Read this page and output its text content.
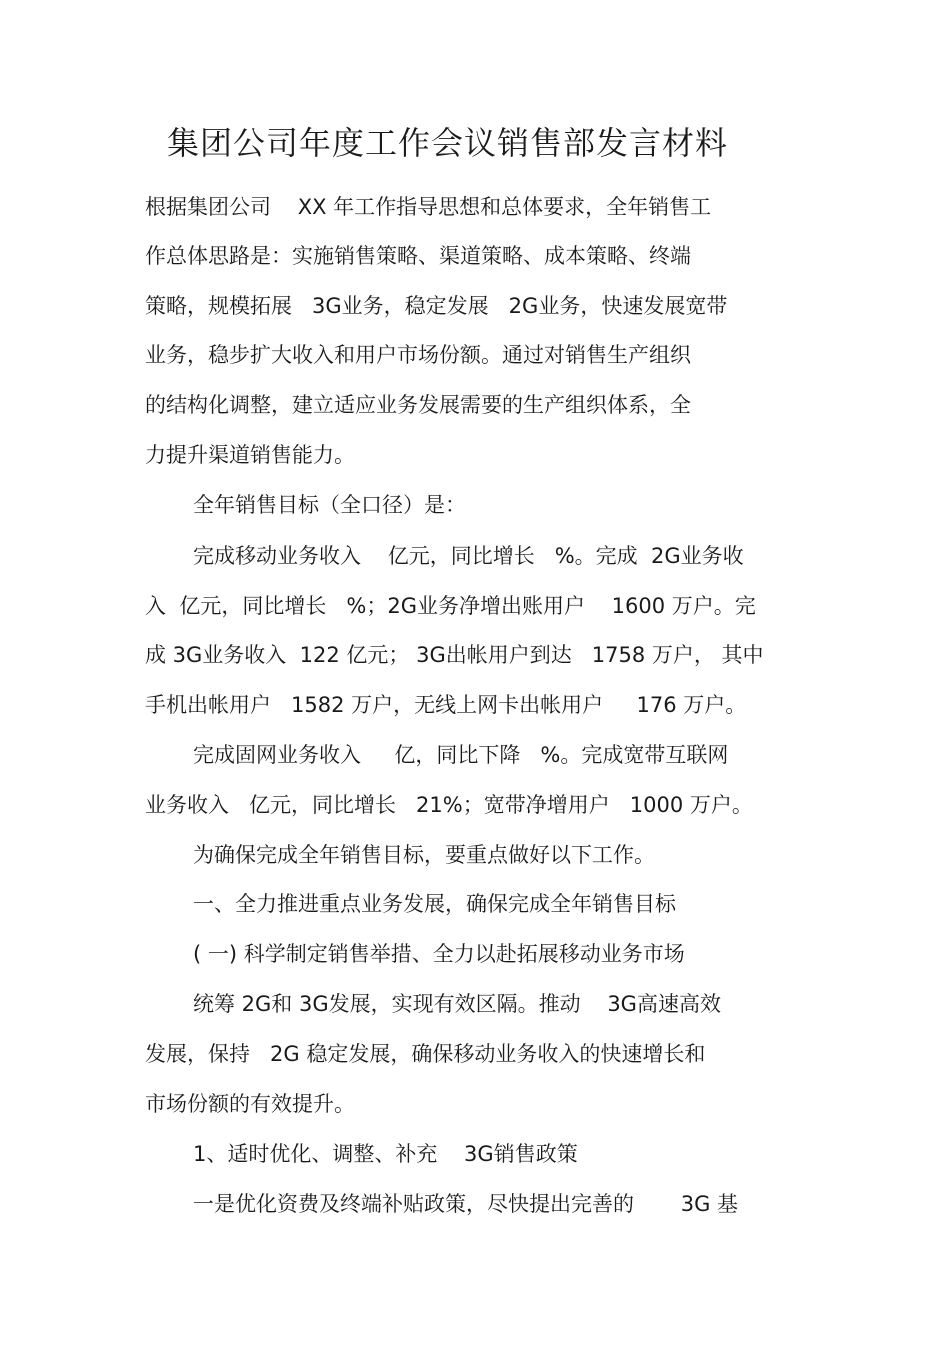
集团公司年度工作会议销售部发言材料
根据集团公司    XX 年工作指导思想和总体要求，全年销售工
作总体思路是：实施销售策略、渠道策略、成本策略、终端
策略，规模拓展   3G业务，稳定发展   2G业务，快速发展宽带
业务，稳步扩大收入和用户市场份额。通过对销售生产组织
的结构化调整，建立适应业务发展需要的生产组织体系，全
力提升渠道销售能力。
全年销售目标（全口径）是：
完成移动业务收入    亿元，同比增长   %。完成  2G业务收
入  亿元，同比增长   %；2G业务净增出账用户    1600 万户。完
成 3G业务收入  122 亿元； 3G出帐用户到达   1758 万户， 其中
手机出帐用户   1582 万户，无线上网卡出帐用户     176 万户。
完成固网业务收入     亿，同比下降   %。完成宽带互联网
业务收入   亿元，同比增长   21%；宽带净增用户   1000 万户。
为确保完成全年销售目标，要重点做好以下工作。
一、全力推进重点业务发展，确保完成全年销售目标
( 一) 科学制定销售举措、全力以赴拓展移动业务市场
统筹 2G和 3G发展，实现有效区隔。推动    3G高速高效
发展，保持   2G 稳定发展，确保移动业务收入的快速增长和
市场份额的有效提升。
1、适时优化、调整、补充    3G销售政策
一是优化资费及终端补贴政策，尽快提出完善的       3G 基
